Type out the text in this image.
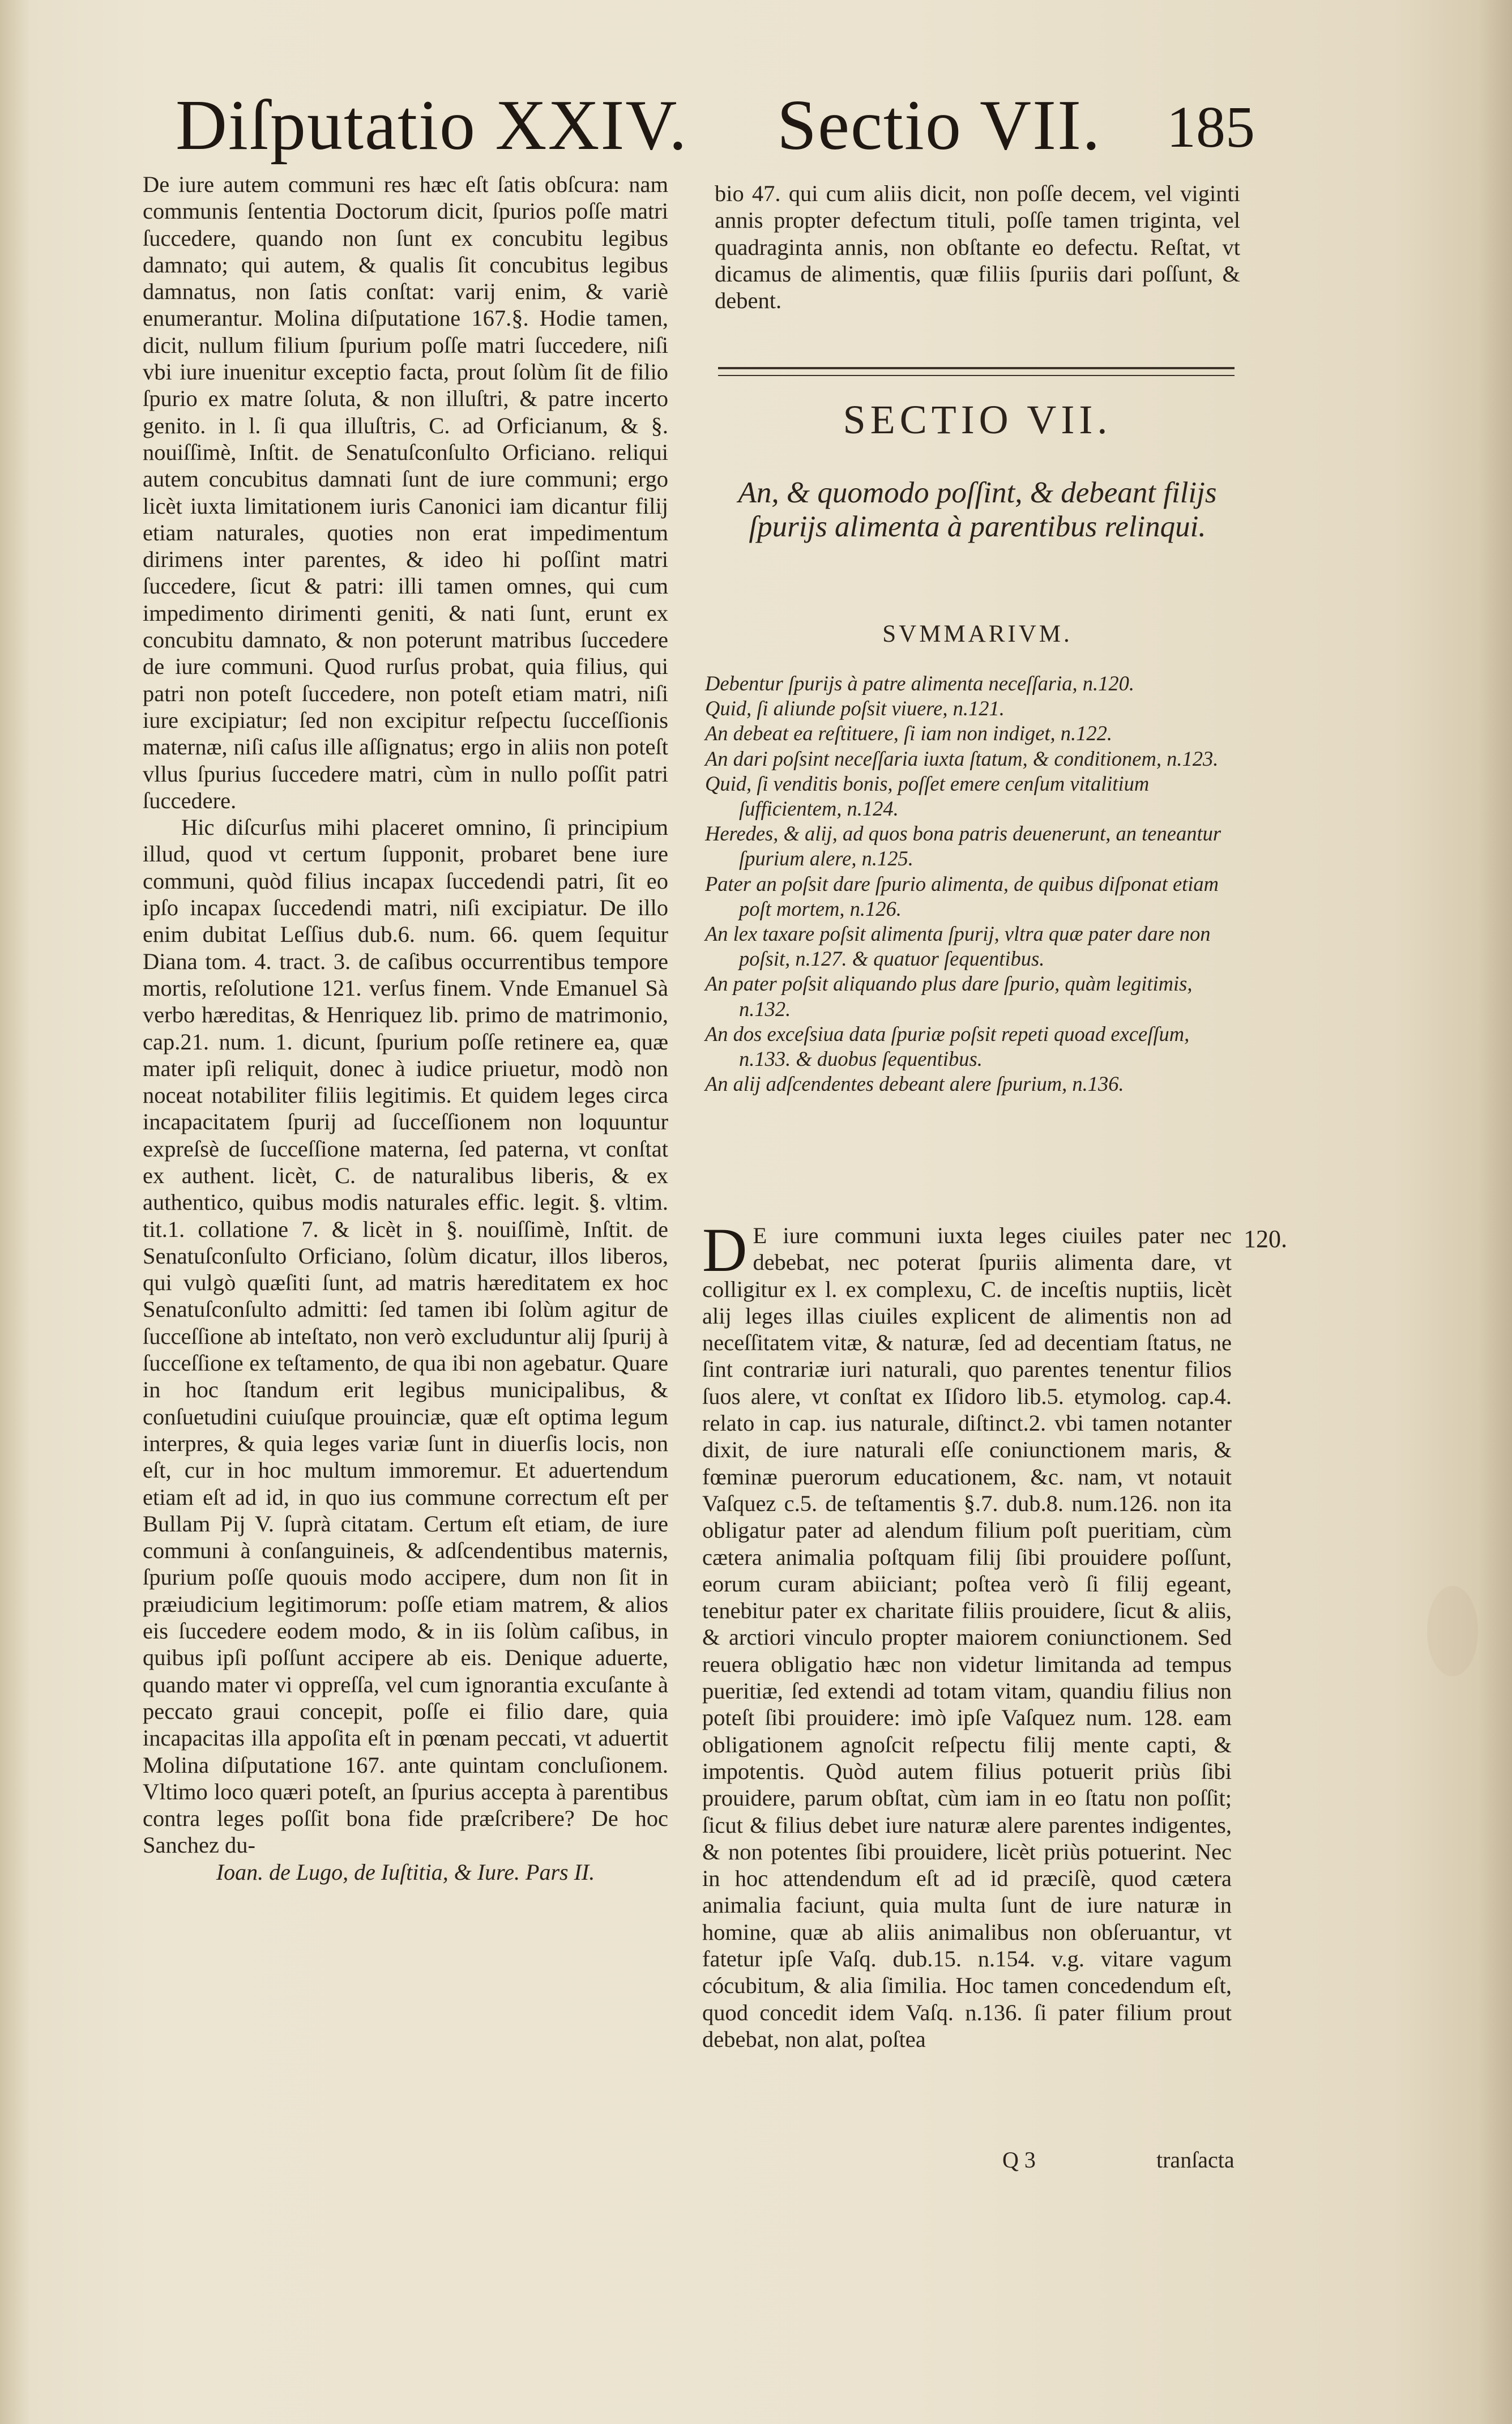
Diſputatio XXIV. Sectio VII. 185

De iure autem communi res hæc eſt ſatis obſcura: nam communis ſententia Doctorum dicit, ſpurios poſſe matri ſuccedere, quando non ſunt ex concubitu legibus damnato; qui autem, & qualis ſit concubitus legibus damnatus, non ſatis conſtat: varij enim, & variè enumerantur. Molina diſputatione 167.§. Hodie tamen, dicit, nullum filium ſpurium poſſe matri ſuccedere, niſi vbi iure inuenitur exceptio facta, prout ſolùm ſit de filio ſpurio ex matre ſoluta, & non illuſtri, & patre incerto genito. in l. ſi qua illuſtris, C. ad Orficianum, & §. nouiſſimè, Inſtit. de Senatuſconſulto Orficiano. reliqui autem concubitus damnati ſunt de iure communi; ergo licèt iuxta limitationem iuris Canonici iam dicantur filij etiam naturales, quoties non erat impedimentum dirimens inter parentes, & ideo hi poſſint matri ſuccedere, ſicut & patri: illi tamen omnes, qui cum impedimento dirimenti geniti, & nati ſunt, erunt ex concubitu damnato, & non poterunt matribus ſuccedere de iure communi. Quod rurſus probat, quia filius, qui patri non poteſt ſuccedere, non poteſt etiam matri, niſi iure excipiatur; ſed non excipitur reſpectu ſucceſſionis maternæ, niſi caſus ille aſſignatus; ergo in aliis non poteſt vllus ſpurius ſuccedere matri, cùm in nullo poſſit patri ſuccedere.

Hic diſcurſus mihi placeret omnino, ſi principium illud, quod vt certum ſupponit, probaret bene iure communi, quòd filius incapax ſuccedendi patri, ſit eo ipſo incapax ſuccedendi matri, niſi excipiatur. De illo enim dubitat Leſſius dub.6. num. 66. quem ſequitur Diana tom. 4. tract. 3. de caſibus occurrentibus tempore mortis, reſolutione 121. verſus finem. Vnde Emanuel Sà verbo hæreditas, & Henriquez lib. primo de matrimonio, cap.21. num. 1. dicunt, ſpurium poſſe retinere ea, quæ mater ipſi reliquit, donec à iudice priuetur, modò non noceat notabiliter filiis legitimis. Et quidem leges circa incapacitatem ſpurij ad ſucceſſionem non loquuntur expreſsè de ſucceſſione materna, ſed paterna, vt conſtat ex authent. licèt, C. de naturalibus liberis, & ex authentico, quibus modis naturales effic. legit. §. vltim. tit.1. collatione 7. & licèt in §. nouiſſimè, Inſtit. de Senatuſconſulto Orficiano, ſolùm dicatur, illos liberos, qui vulgò quæſiti ſunt, ad matris hæreditatem ex hoc Senatuſconſulto admitti: ſed tamen ibi ſolùm agitur de ſucceſſione ab inteſtato, non verò excluduntur alij ſpurij à ſucceſſione ex teſtamento, de qua ibi non agebatur. Quare in hoc ſtandum erit legibus municipalibus, & conſuetudini cuiuſque prouinciæ, quæ eſt optima legum interpres, & quia leges variæ ſunt in diuerſis locis, non eſt, cur in hoc multum immoremur. Et aduertendum etiam eſt ad id, in quo ius commune correctum eſt per Bullam Pij V. ſuprà citatam. Certum eſt etiam, de iure communi à conſanguineis, & adſcendentibus maternis, ſpurium poſſe quouis modo accipere, dum non ſit in præiudicium legitimorum: poſſe etiam matrem, & alios eis ſuccedere eodem modo, & in iis ſolùm caſibus, in quibus ipſi poſſunt accipere ab eis. Denique aduerte, quando mater vi oppreſſa, vel cum ignorantia excuſante à peccato graui concepit, poſſe ei filio dare, quia incapacitas illa appoſita eſt in pœnam peccati, vt aduertit Molina diſputatione 167. ante quintam concluſionem. Vltimo loco quæri poteſt, an ſpurius accepta à parentibus contra leges poſſit bona fide præſcribere? De hoc Sanchez du-

Ioan. de Lugo, de Iuſtitia, & Iure. Pars II.

bio 47. qui cum aliis dicit, non poſſe decem, vel viginti annis propter defectum tituli, poſſe tamen triginta, vel quadraginta annis, non obſtante eo defectu. Reſtat, vt dicamus de alimentis, quæ filiis ſpuriis dari poſſunt, & debent.

SECTIO VII.
An, & quomodo poſſint, & debeant filijs ſpurijs alimenta à parentibus relinqui.
SVMMARIVM.

Debentur ſpurijs à patre alimenta neceſſaria, n.120.

Quid, ſi aliunde poſsit viuere, n.121.

An debeat ea reſtituere, ſi iam non indiget, n.122.

An dari poſsint neceſſaria iuxta ſtatum, & conditionem, n.123.

Quid, ſi venditis bonis, poſſet emere cenſum vitalitium ſufficientem, n.124.

Heredes, & alij, ad quos bona patris deuenerunt, an teneantur ſpurium alere, n.125.

Pater an poſsit dare ſpurio alimenta, de quibus diſponat etiam poſt mortem, n.126.

An lex taxare poſsit alimenta ſpurij, vltra quæ pater dare non poſsit, n.127. & quatuor ſequentibus.

An pater poſsit aliquando plus dare ſpurio, quàm legitimis, n.132.

An dos exceſsiua data ſpuriæ poſsit repeti quoad exceſſum, n.133. & duobus ſequentibus.

An alij adſcendentes debeant alere ſpurium, n.136.

120.

D E iure communi iuxta leges ciuiles pater nec debebat, nec poterat ſpuriis alimenta dare, vt colligitur ex l. ex complexu, C. de inceſtis nuptiis, licèt alij leges illas ciuiles explicent de alimentis non ad neceſſitatem vitæ, & naturæ, ſed ad decentiam ſtatus, ne ſint contrariæ iuri naturali, quo parentes tenentur filios ſuos alere, vt conſtat ex Iſidoro lib.5. etymolog. cap.4. relato in cap. ius naturale, diſtinct.2. vbi tamen notanter dixit, de iure naturali eſſe coniunctionem maris, & fœminæ puerorum educationem, &c. nam, vt notauit Vaſquez c.5. de teſtamentis §.7. dub.8. num.126. non ita obligatur pater ad alendum filium poſt pueritiam, cùm cætera animalia poſtquam filij ſibi prouidere poſſunt, eorum curam abiiciant; poſtea verò ſi filij egeant, tenebitur pater ex charitate filiis prouidere, ſicut & aliis, & arctiori vinculo propter maiorem coniunctionem. Sed reuera obligatio hæc non videtur limitanda ad tempus pueritiæ, ſed extendi ad totam vitam, quandiu filius non poteſt ſibi prouidere: imò ipſe Vaſquez num. 128. eam obligationem agnoſcit reſpectu filij mente capti, & impotentis. Quòd autem filius potuerit priùs ſibi prouidere, parum obſtat, cùm iam in eo ſtatu non poſſit; ſicut & filius debet iure naturæ alere parentes indigentes, & non potentes ſibi prouidere, licèt priùs potuerint. Nec in hoc attendendum eſt ad id præciſè, quod cætera animalia faciunt, quia multa ſunt de iure naturæ in homine, quæ ab aliis animalibus non obſeruantur, vt fatetur ipſe Vaſq. dub.15. n.154. v.g. vitare vagum cócubitum, & alia ſimilia. Hoc tamen concedendum eſt, quod concedit idem Vaſq. n.136. ſi pater filium prout debebat, non alat, poſtea

Q 3	tranſacta
